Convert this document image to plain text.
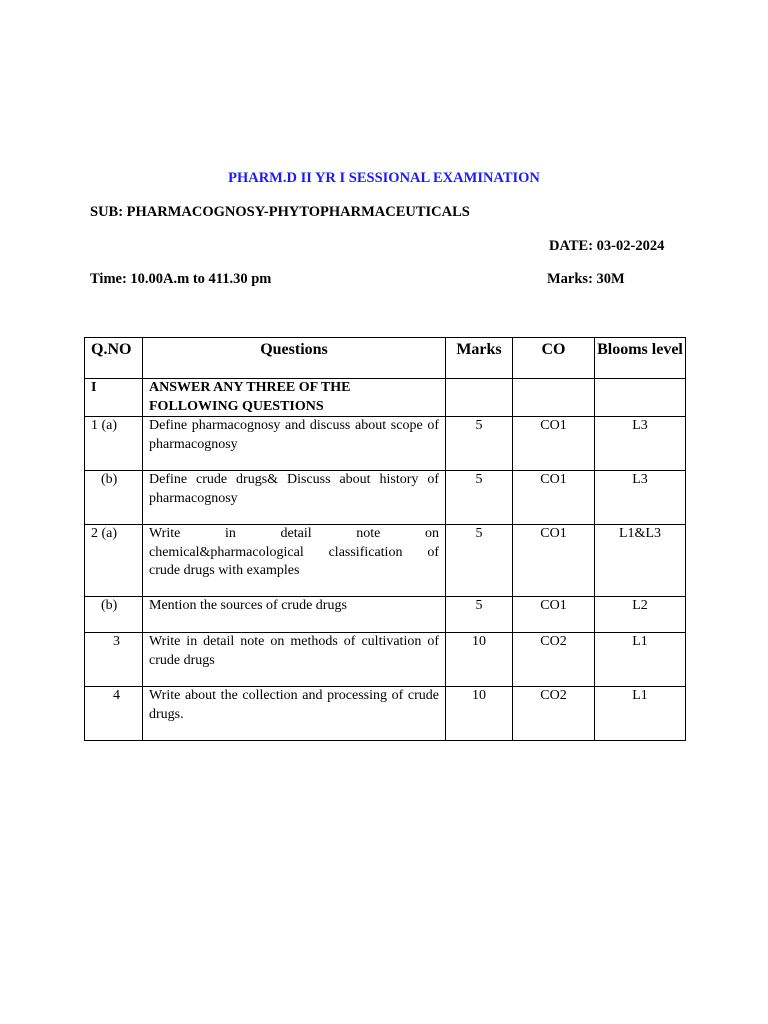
PHARM.D II YR I SESSIONAL EXAMINATION
SUB: PHARMACOGNOSY-PHYTOPHARMACEUTICALS
DATE: 03-02-2024
Time: 10.00A.m to 411.30 pm	Marks: 30M
Q.NO	Questions	Marks	CO	Blooms level
I	ANSWER ANY THREE OF THE
FOLLOWING QUESTIONS			

1 (a)	Define pharmacognosy and discuss about scope of pharmacognosy	5	CO1	L3
(b)	Define crude drugs& Discuss about history of pharmacognosy	5	CO1	L3
2 (a)	Write in detail note on
chemical&pharmacological classification of
crude drugs with examples	5	CO1	L1&L3
(b)	Mention the sources of crude drugs	5	CO1	L2
3	Write in detail note on methods of cultivation of crude drugs	10	CO2	L1
4	Write about the collection and processing of crude drugs.	10	CO2	L1
